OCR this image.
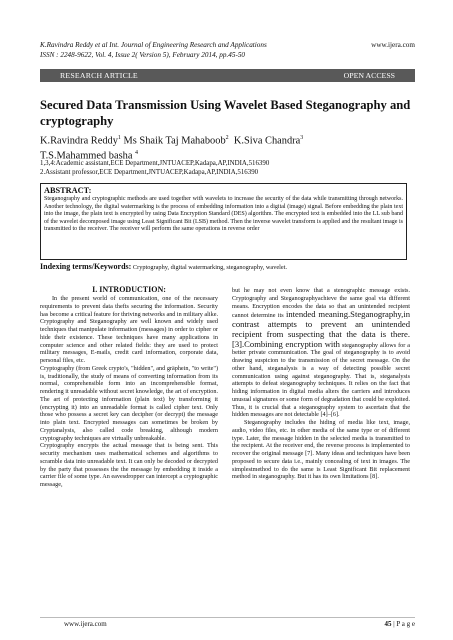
K.Ravindra Reddy et al Int. Journal of Engineering Research and Applications
ISSN : 2248-9622, Vol. 4, Issue 2( Version 5), February 2014, pp.45-50
www.ijera.com
RESEARCH ARTICLE	OPEN ACCESS
Secured Data Transmission Using Wavelet Based Steganography and cryptography
K.Ravindra Reddy$^1$ Ms Shaik Taj Mahaboob$^2$ K.Siva Chandra$^3$
T.S.Mahammed basha $^4$
1,3,4:Academic assistant,ECE Department,JNTUACEP,Kadapa,AP,INDIA,516390
2.Assistant professor,ECE Department,JNTUACEP,Kadapa,AP,INDIA,516390
ABSTRACT:
Steganography and cryptographic methods are used together with wavelets to increase the security of the data while transmitting through networks. Another technology, the digital watermarking is the process of embedding information into a digital (image) signal. Before embedding the plain text into the image, the plain text is encrypted by using Data Encryption Standard (DES) algorithm. The encrypted text is embedded into the LL sub band of the wavelet decomposed image using Least Significant Bit (LSB) method. Then the inverse wavelet transform is applied and the resultant image is transmitted to the receiver. The receiver will perform the same operations in reverse order
Indexing terms/Keywords: Cryptography, digital watermarking, steganography, wavelet.
I. INTRODUCTION:

In the present world of communication, one of the necessary requirements to prevent data thefts securing the information. Security has become a critical feature for thriving networks and in military alike. Cryptography and Steganography are well known and widely used techniques that manipulate information (messages) in order to cipher or hide their existence. These techniques have many applications in computer science and other related fields: they are used to protect military messages, E-mails, credit card information, corporate data, personal files, etc.

Cryptography (from Greek crypto's, "hidden", and gräphein, "to write") is, traditionally, the study of means of converting information from its normal, comprehensible form into an incomprehensible format, rendering it unreadable without secret knowledge, the art of encryption. The art of protecting information (plain text) by transforming it (encrypting it) into an unreadable format is called cipher text. Only those who possess a secret key can decipher (or decrypt) the message into plain text. Encrypted messages can sometimes be broken by Cryptanalysis, also called code breaking, although modern cryptography techniques are virtually unbreakable.

Cryptography encrypts the actual message that is being sent. This security mechanism uses mathematical schemes and algorithms to scramble data into unreadable text. It can only be decoded or decrypted by the party that possesses the the message by embedding it inside a carrier file of some type. An eavesdropper can intercept a cryptographic message,

but he may not even know that a stenographic message exists. Cryptography and Steganographyachieve the same goal via different means. Encryption encodes the data so that an unintended recipient cannot determine its intended meaning.Steganography,in contrast attempts to prevent an unintended recipient from suspecting that the data is there. [3].Combining encryption with steganography allows for a better private communication. The goal of steganography is to avoid drawing suspicion to the transmission of the secret message. On the other hand, steganalysis is a way of detecting possible secret communication using against steganography. That is, steganalysis attempts to defeat steganography techniques. It relies on the fact that hiding information in digital media alters the carriers and introduces unusual signatures or some form of degradation that could be exploited. Thus, it is crucial that a steganography system to ascertain that the hidden messages are not detectable [4]–[6].

Steganography includes the hiding of media like text, image, audio, video files, etc. in other media of the same type or of different type. Later, the message hidden in the selected media is transmitted to the recipient. At the receiver end, the reverse process is implemented to recover the original message [7]. Many ideas and techniques have been proposed to secure data i.e., mainly concealing of text in images. The simplestmethod to do the same is Least Significant Bit replacement method in steganography. But it has its own limitations [8].

www.ijera.com	45 | P a g e
